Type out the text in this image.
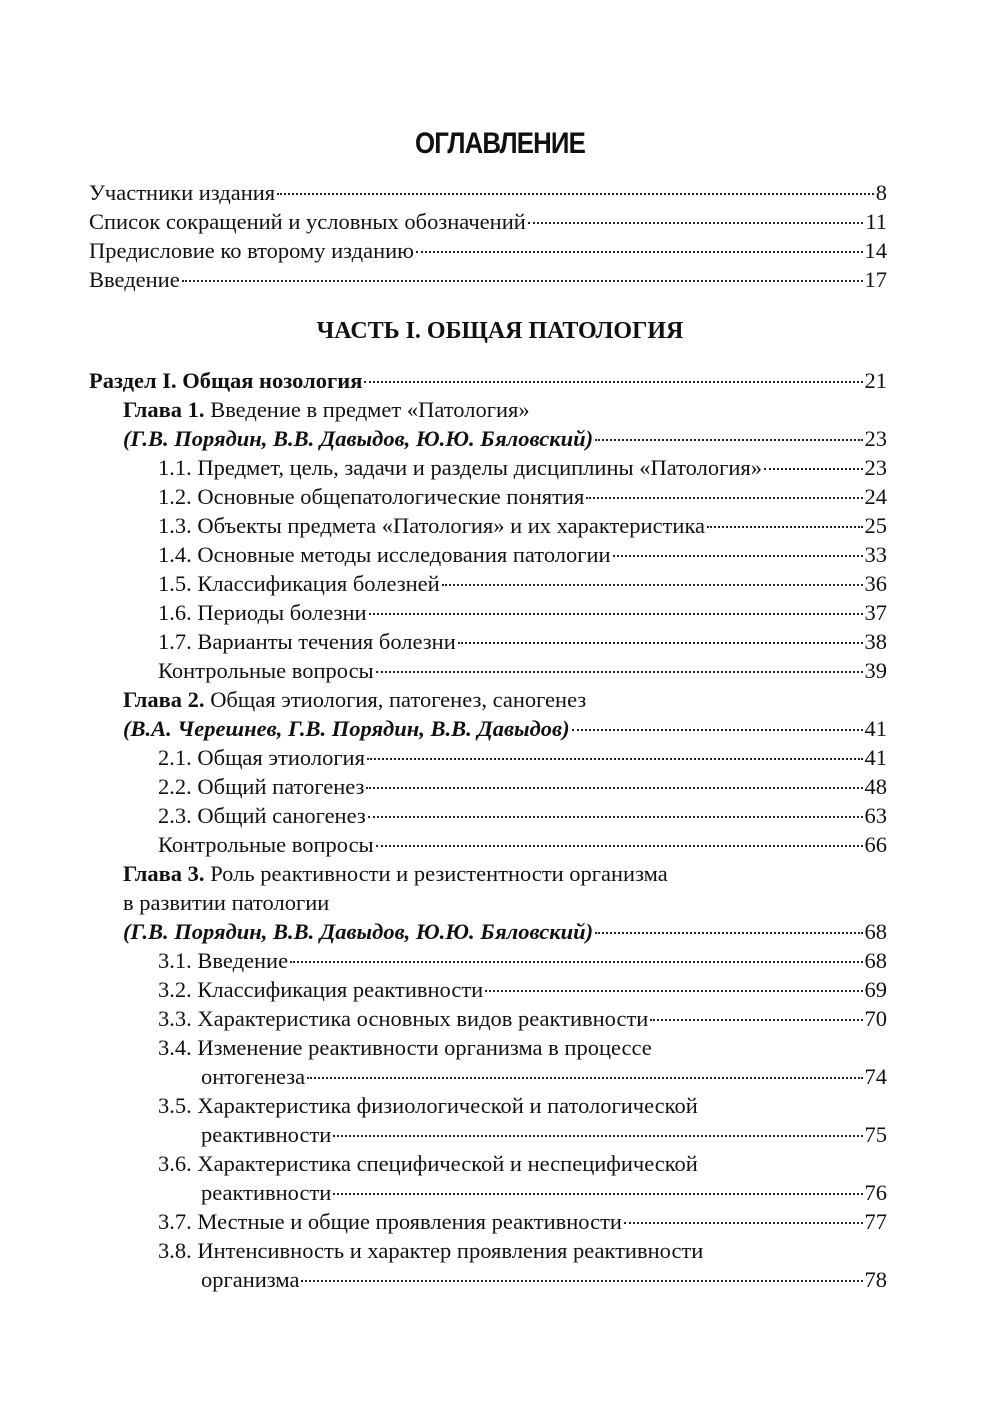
ОГЛАВЛЕНИЕ
Участники издания	8
Список сокращений и условных обозначений	11
Предисловие ко второму изданию	14
Введение	17
ЧАСТЬ I. ОБЩАЯ ПАТОЛОГИЯ
Раздел I. Общая нозология	21
Глава 1. Введение в предмет «Патология»
(Г.В. Порядин, В.В. Давыдов, Ю.Ю. Бяловский)	23
1.1. Предмет, цель, задачи и разделы дисциплины «Патология»	23
1.2. Основные общепатологические понятия	24
1.3. Объекты предмета «Патология» и их характеристика	25
1.4. Основные методы исследования патологии	33
1.5. Классификация болезней	36
1.6. Периоды болезни	37
1.7. Варианты течения болезни	38
Контрольные вопросы	39
Глава 2. Общая этиология, патогенез, саногенез
(В.А. Черешнев, Г.В. Порядин, В.В. Давыдов)	41
2.1. Общая этиология	41
2.2. Общий патогенез	48
2.3. Общий саногенез	63
Контрольные вопросы	66
Глава 3. Роль реактивности и резистентности организма
в развитии патологии
(Г.В. Порядин, В.В. Давыдов, Ю.Ю. Бяловский)	68
3.1. Введение	68
3.2. Классификация реактивности	69
3.3. Характеристика основных видов реактивности	70
3.4. Изменение реактивности организма в процессе
онтогенеза	74
3.5. Характеристика физиологической и патологической
реактивности	75
3.6. Характеристика специфической и неспецифической
реактивности	76
3.7. Местные и общие проявления реактивности	77
3.8. Интенсивность и характер проявления реактивности
организма	78
